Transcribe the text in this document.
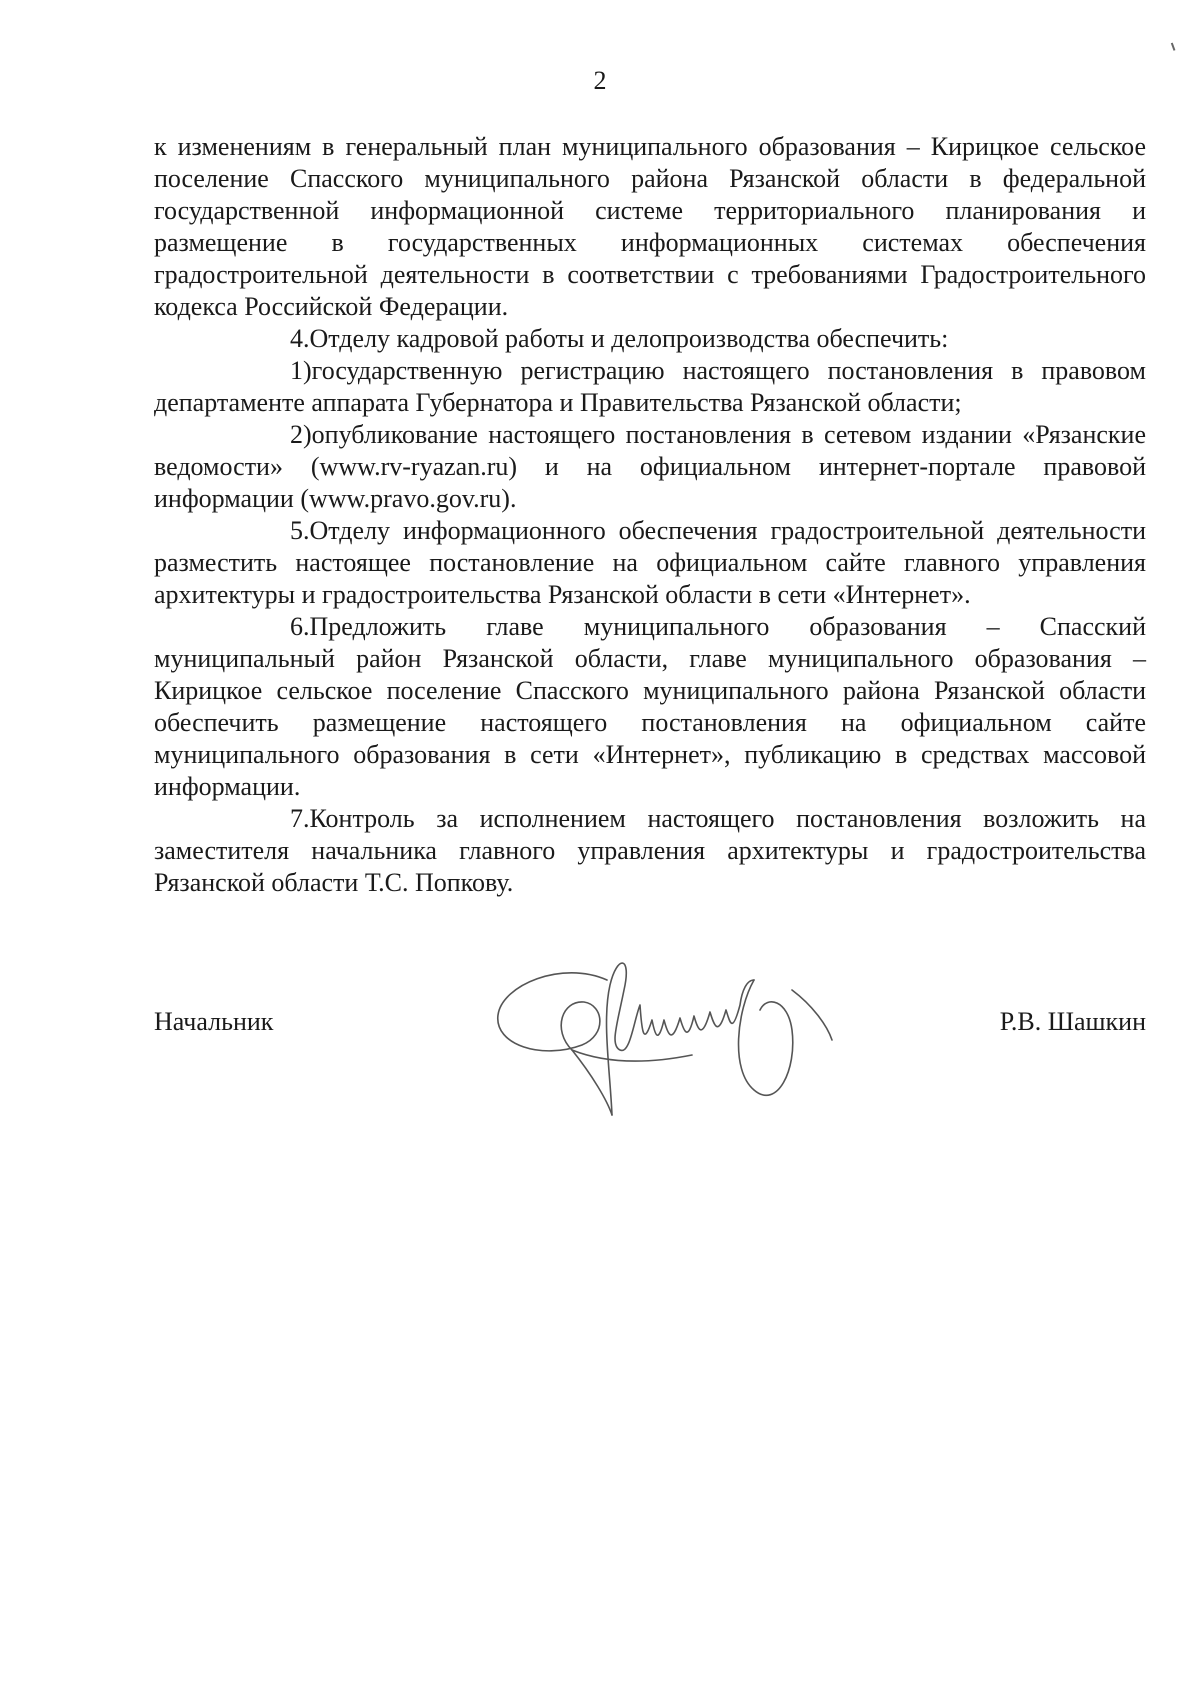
2

к изменениям в генеральный план муниципального образования – Кирицкое сельское поселение Спасского муниципального района Рязанской области в федеральной государственной информационной системе территориального планирования и размещение в государственных информационных системах обеспечения градостроительной деятельности в соответствии с требованиями Градостроительного кодекса Российской Федерации.

4.Отделу кадровой работы и делопроизводства обеспечить:

1)государственную регистрацию настоящего постановления в правовом департаменте аппарата Губернатора и Правительства Рязанской области;

2)опубликование настоящего постановления в сетевом издании «Рязанские ведомости» (www.rv-ryazan.ru) и на официальном интернет-портале правовой информации (www.pravo.gov.ru).

5.Отделу информационного обеспечения градостроительной деятельности разместить настоящее постановление на официальном сайте главного управления архитектуры и градостроительства Рязанской области в сети «Интернет».

6.Предложить главе муниципального образования – Спасский муниципальный район Рязанской области, главе муниципального образования – Кирицкое сельское поселение Спасского муниципального района Рязанской области обеспечить размещение настоящего постановления на официальном сайте муниципального образования в сети «Интернет», публикацию в средствах массовой информации.

7.Контроль за исполнением настоящего постановления возложить на заместителя начальника главного управления архитектуры и градостроительства Рязанской области Т.С. Попкову.

Начальник	Р.В. Шашкин
